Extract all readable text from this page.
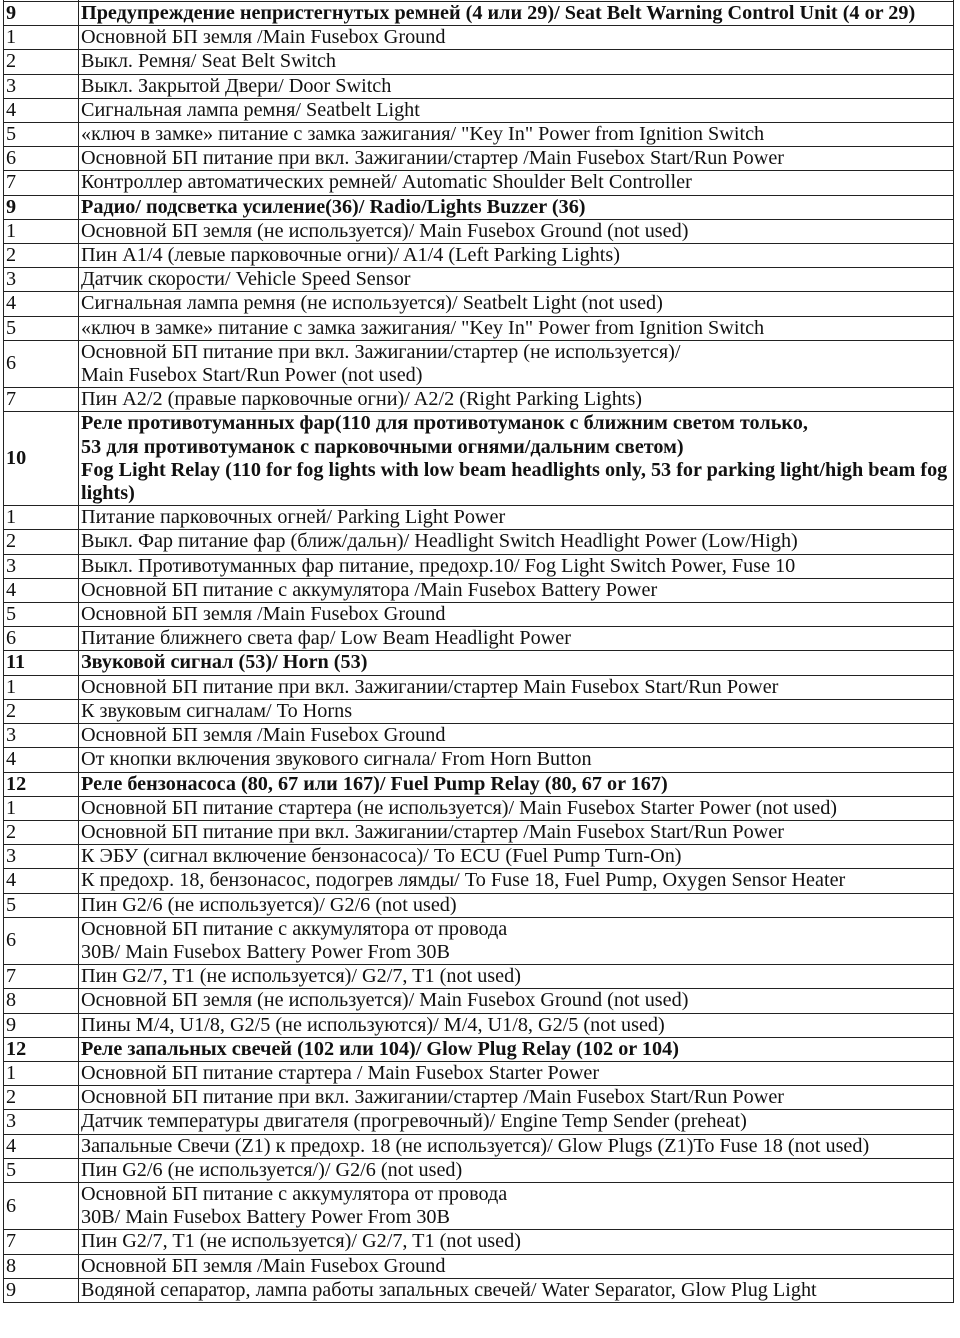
9	Предупреждение непристегнутых ремней (4 или 29)/ Seat Belt Warning Control Unit (4 or 29)
1	Основной БП земля /Main Fusebox Ground
2	Выкл. Ремня/ Seat Belt Switch
3	Выкл. Закрытой Двери/ Door Switch
4	Сигнальная лампа ремня/ Seatbelt Light
5	«ключ в замке» питание с замка зажигания/ "Key In" Power from Ignition Switch
6	Основной БП питание при вкл. Зажигании/стартер /Main Fusebox Start/Run Power
7	Контроллер автоматических ремней/ Automatic Shoulder Belt Controller
9	Радио/ подсветка усиление(36)/ Radio/Lights Buzzer (36)
1	Основной БП земля (не используется)/ Main Fusebox Ground (not used)
2	Пин A1/4 (левые парковочные огни)/ A1/4 (Left Parking Lights)
3	Датчик скорости/ Vehicle Speed Sensor
4	Сигнальная лампа ремня (не используется)/ Seatbelt Light (not used)
5	«ключ в замке» питание с замка зажигания/ "Key In" Power from Ignition Switch
6	Основной БП питание при вкл. Зажигании/стартер (не используется)/
Main Fusebox Start/Run Power (not used)
7	Пин A2/2 (правые парковочные огни)/ A2/2 (Right Parking Lights)
10	Реле противотуманных фар(110 для противотуманок с ближним светом только,
53 для противотуманок с парковочными огнями/дальним светом)
Fog Light Relay (110 for fog lights with low beam headlights only, 53 for parking light/high beam fog lights)
1	Питание парковочных огней/ Parking Light Power
2	Выкл. Фар питание фар (ближ/дальн)/ Headlight Switch Headlight Power (Low/High)
3	Выкл. Противотуманных фар питание, предохр.10/ Fog Light Switch Power, Fuse 10
4	Основной БП питание с аккумулятора /Main Fusebox Battery Power
5	Основной БП земля /Main Fusebox Ground
6	Питание ближнего света фар/ Low Beam Headlight Power
11	Звуковой сигнал (53)/ Horn (53)
1	Основной БП питание при вкл. Зажигании/стартер Main Fusebox Start/Run Power
2	К звуковым сигналам/ To Horns
3	Основной БП земля /Main Fusebox Ground
4	От кнопки включения звукового сигнала/ From Horn Button
12	Реле бензонасоса (80, 67 или 167)/ Fuel Pump Relay (80, 67 or 167)
1	Основной БП питание стартера (не используется)/ Main Fusebox Starter Power (not used)
2	Основной БП питание при вкл. Зажигании/стартер /Main Fusebox Start/Run Power
3	К ЭБУ (сигнал включение бензонасоса)/ To ECU (Fuel Pump Turn-On)
4	К предохр. 18, бензонасос, подогрев лямды/ To Fuse 18, Fuel Pump, Oxygen Sensor Heater
5	Пин G2/6 (не используется)/ G2/6 (not used)
6	Основной БП питание с аккумулятора от провода
30В/ Main Fusebox Battery Power From 30B
7	Пин G2/7, T1 (не используется)/ G2/7, T1 (not used)
8	Основной БП земля (не используется)/ Main Fusebox Ground (not used)
9	Пины M/4, U1/8, G2/5 (не используются)/ M/4, U1/8, G2/5 (not used)
12	Реле запальных свечей (102 или 104)/ Glow Plug Relay (102 or 104)
1	Основной БП питание стартера / Main Fusebox Starter Power
2	Основной БП питание при вкл. Зажигании/стартер /Main Fusebox Start/Run Power
3	Датчик температуры двигателя (прогревочный)/ Engine Temp Sender (preheat)
4	Запальные Свечи (Z1) к предохр. 18 (не используется)/ Glow Plugs (Z1)To Fuse 18 (not used)
5	Пин G2/6 (не используется/)/ G2/6 (not used)
6	Основной БП питание с аккумулятора от провода
30В/ Main Fusebox Battery Power From 30B
7	Пин G2/7, T1 (не используется)/ G2/7, T1 (not used)
8	Основной БП земля /Main Fusebox Ground
9	Водяной сепаратор, лампа работы запальных свечей/ Water Separator, Glow Plug Light
